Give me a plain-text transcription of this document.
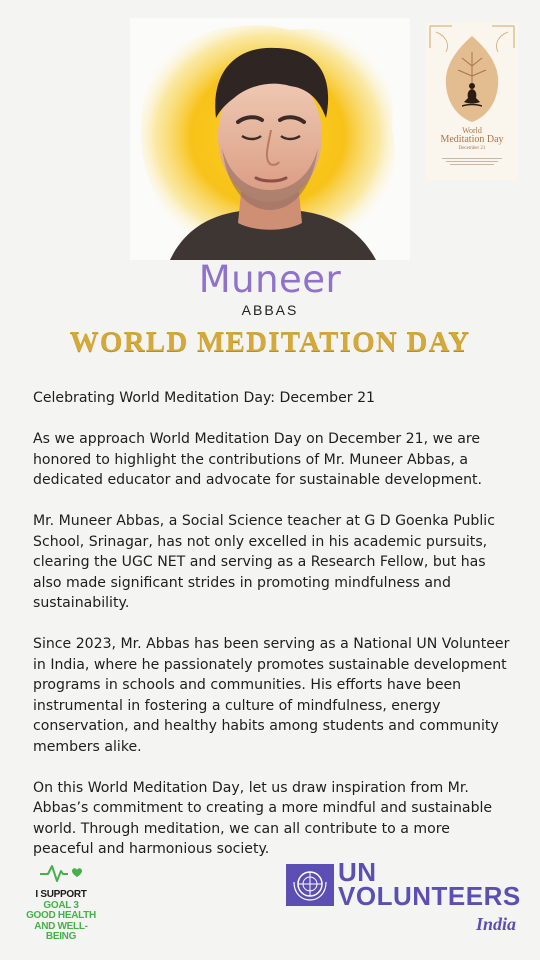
World
Meditation Day
December 21
Muneer
ABBAS
WORLD MEDITATION DAY

Celebrating World Meditation Day: December 21

As we approach World Meditation Day on December 21, we are honored to highlight the contributions of Mr. Muneer Abbas, a dedicated educator and advocate for sustainable development.

Mr. Muneer Abbas, a Social Science teacher at G D Goenka Public School, Srinagar, has not only excelled in his academic pursuits, clearing the UGC NET and serving as a Research Fellow, but has also made significant strides in promoting mindfulness and sustainability.

Since 2023, Mr. Abbas has been serving as a National UN Volunteer in India, where he passionately promotes sustainable development programs in schools and communities. His efforts have been instrumental in fostering a culture of mindfulness, energy conservation, and healthy habits among students and community members alike.

On this World Meditation Day, let us draw inspiration from Mr. Abbas’s commitment to creating a more mindful and sustainable world. Through meditation, we can all contribute to a more peaceful and harmonious society.

I SUPPORT
GOAL 3
GOOD HEALTH
AND WELL-BEING
UN
VOLUNTEERS
India
